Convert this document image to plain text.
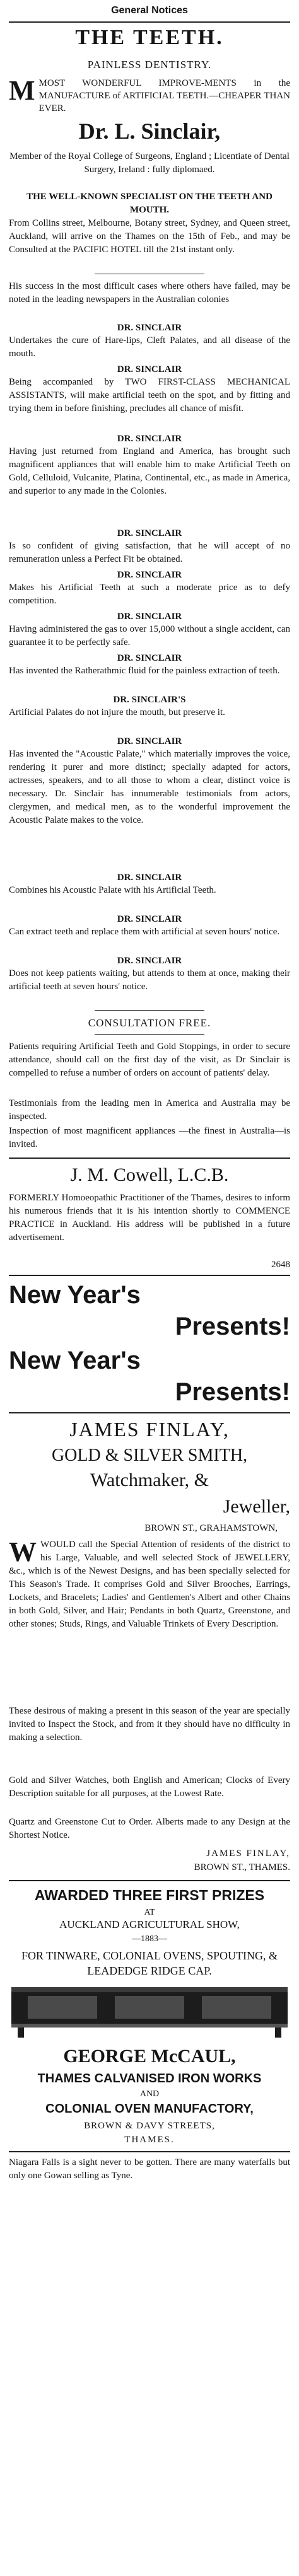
General Notices
THE TEETH.
PAINLESS DENTISTRY.
MMOST WONDERFUL IMPROVE-MENTS in the MANUFACTURE of ARTIFICIAL TEETH.—CHEAPER THAN EVER.
Dr. L. Sinclair,
Member of the Royal College of Surgeons, England ; Licentiate of Dental Surgery, Ireland : fully diplomaed.
THE WELL-KNOWN SPECIALIST ON THE TEETH AND MOUTH.
From Collins street, Melbourne, Botany street, Sydney, and Queen street, Auckland, will arrive on the Thames on the 15th of Feb., and may be Consulted at the PACIFIC HOTEL till the 21st instant only.
His success in the most difficult cases where others have failed, may be noted in the leading newspapers in the Australian colonies
DR. SINCLAIR
Undertakes the cure of Hare-lips, Cleft Palates, and all disease of the mouth.
DR. SINCLAIR
Being accompanied by TWO FIRST-CLASS MECHANICAL ASSISTANTS, will make artificial teeth on the spot, and by fitting and trying them in before finishing, precludes all chance of misfit.
DR. SINCLAIR
Having just returned from England and America, has brought such magnificent appliances that will enable him to make Artificial Teeth on Gold, Celluloid, Vulcanite, Platina, Continental, etc., as made in America, and superior to any made in the Colonies.
DR. SINCLAIR
Is so confident of giving satisfaction, that he will accept of no remuneration unless a Perfect Fit be obtained.
DR. SINCLAIR
Makes his Artificial Teeth at such a moderate price as to defy competition.
DR. SINCLAIR
Having administered the gas to over 15,000 without a single accident, can guarantee it to be perfectly safe.
DR. SINCLAIR
Has invented the Ratherathmic fluid for the painless extraction of teeth.
DR. SINCLAIR'S
Artificial Palates do not injure the mouth, but preserve it.
DR. SINCLAIR
Has invented the "Acoustic Palate," which materially improves the voice, rendering it purer and more distinct; specially adapted for actors, actresses, speakers, and to all those to whom a clear, distinct voice is necessary. Dr. Sinclair has innumerable testimonials from actors, clergymen, and medical men, as to the wonderful improvement the Acoustic Palate makes to the voice.
DR. SINCLAIR
Combines his Acoustic Palate with his Artificial Teeth.
DR. SINCLAIR
Can extract teeth and replace them with artificial at seven hours' notice.
DR. SINCLAIR
Does not keep patients waiting, but attends to them at once, making their artificial teeth at seven hours' notice.
CONSULTATION FREE.
Patients requiring Artificial Teeth and Gold Stoppings, in order to secure attendance, should call on the first day of the visit, as Dr Sinclair is compelled to refuse a number of orders on account of patients' delay.
Testimonials from the leading men in America and Australia may be inspected.
Inspection of most magnificent appliances —the finest in Australia—is invited.
J. M. Cowell, L.C.B.
FORMERLY Homoeopathic Practitioner of the Thames, desires to inform his numerous friends that it is his intention shortly to COMMENCE PRACTICE in Auckland. His address will be published in a future advertisement.
2648
New Year's
Presents!
New Year's
Presents!
JAMES FINLAY,
GOLD & SILVER SMITH,
Watchmaker, &
Jeweller,
BROWN ST., GRAHAMSTOWN,
WWOULD call the Special Attention of residents of the district to his Large, Valuable, and well selected Stock of JEWELLERY, &c., which is of the Newest Designs, and has been specially selected for This Season's Trade. It comprises Gold and Silver Brooches, Earrings, Lockets, and Bracelets; Ladies' and Gentlemen's Albert and other Chains in both Gold, Silver, and Hair; Pendants in both Quartz, Greenstone, and other stones; Studs, Rings, and Valuable Trinkets of Every Description.
These desirous of making a present in this season of the year are specially invited to Inspect the Stock, and from it they should have no difficulty in making a selection.
Gold and Silver Watches, both English and American; Clocks of Every Description suitable for all purposes, at the Lowest Rate.
Quartz and Greenstone Cut to Order. Alberts made to any Design at the Shortest Notice.
JAMES FINLAY,
BROWN ST., THAMES.
AWARDED THREE FIRST PRIZES
AT
AUCKLAND AGRICULTURAL SHOW,
—1883—
FOR TINWARE, COLONIAL OVENS, SPOUTING, & LEADEDGE RIDGE CAP.
GEORGE McCAUL,
THAMES CALVANISED IRON WORKS
AND
COLONIAL OVEN MANUFACTORY,
BROWN & DAVY STREETS,
THAMES.
Niagara Falls is a sight never to be gotten. There are many waterfalls but only one Gowan selling as Tyne.
